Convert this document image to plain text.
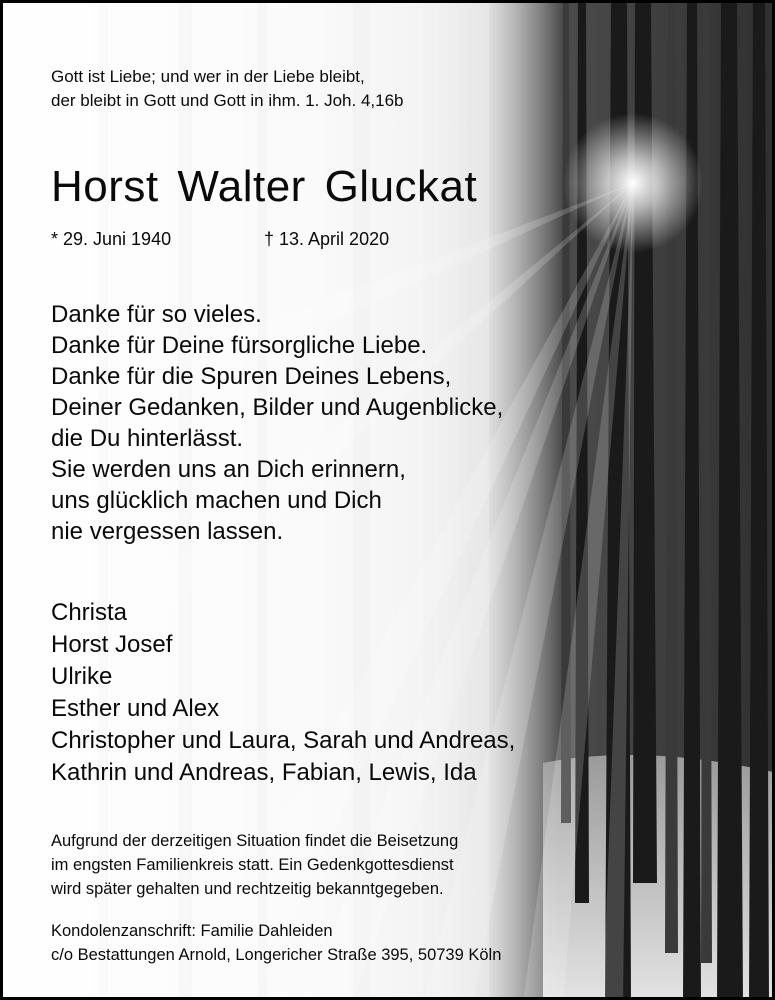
Gott ist Liebe; und wer in der Liebe bleibt,
der bleibt in Gott und Gott in ihm. 1. Joh. 4,16b
Horst Walter Gluckat
* 29. Juni 1940	† 13. April 2020
Danke für so vieles.
Danke für Deine fürsorgliche Liebe.
Danke für die Spuren Deines Lebens,
Deiner Gedanken, Bilder und Augenblicke,
die Du hinterlässt.
Sie werden uns an Dich erinnern,
uns glücklich machen und Dich
nie vergessen lassen.
Christa
Horst Josef
Ulrike
Esther und Alex
Christopher und Laura, Sarah und Andreas,
Kathrin und Andreas, Fabian, Lewis, Ida
Aufgrund der derzeitigen Situation findet die Beisetzung
im engsten Familienkreis statt. Ein Gedenkgottesdienst
wird später gehalten und rechtzeitig bekanntgegeben.
Kondolenzanschrift: Familie Dahleiden
c/o Bestattungen Arnold, Longericher Straße 395, 50739 Köln
